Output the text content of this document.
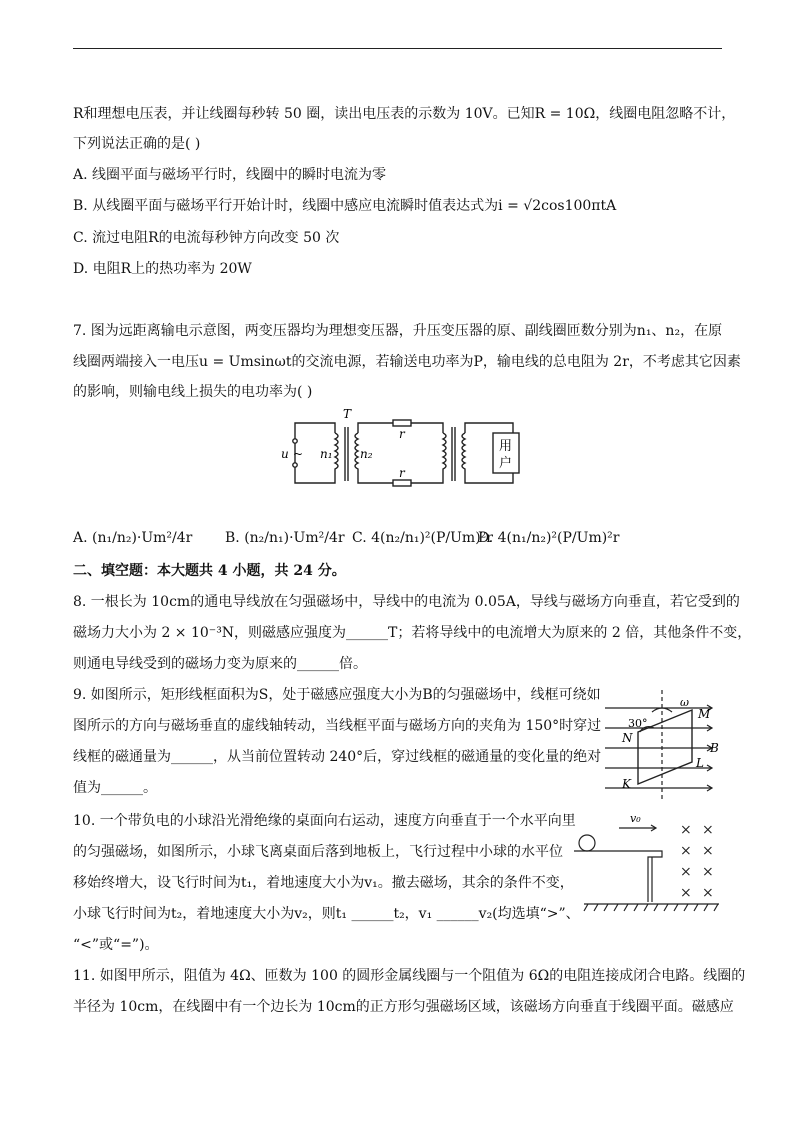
R和理想电压表，并让线圈每秒转 50 圈，读出电压表的示数为 10V。已知R = 10Ω，线圈电阻忽略不计，
下列说法正确的是( )
A. 线圈平面与磁场平行时，线圈中的瞬时电流为零
B. 从线圈平面与磁场平行开始计时，线圈中感应电流瞬时值表达式为i = √2cos100πtA
C. 流过电阻R的电流每秒钟方向改变 50 次
D. 电阻R上的热功率为 20W
7. 图为远距离输电示意图，两变压器均为理想变压器，升压变压器的原、副线圈匝数分别为n₁、n₂，在原
线圈两端接入一电压u = Umsinωt的交流电源，若输送电功率为P，输电线的总电阻为 2r，不考虑其它因素
的影响，则输电线上损失的电功率为( )
T
u ~ n₁ n₂
r
r
用
户
A. (n₁/n₂)·Um²/4r B. (n₂/n₁)·Um²/4r C. 4(n₂/n₁)²(P/Um)²r
D. 4(n₁/n₂)²(P/Um)²r
二、填空题：本大题共 4 小题，共 24 分。
8. 一根长为 10cm的通电导线放在匀强磁场中，导线中的电流为 0.05A，导线与磁场方向垂直，若它受到的
磁场力大小为 2 × 10⁻³N，则磁感应强度为______T；若将导线中的电流增大为原来的 2 倍，其他条件不变，
则通电导线受到的磁场力变为原来的______倍。
9. 如图所示，矩形线框面积为S，处于磁感应强度大小为B的匀强磁场中，线框可绕如
图所示的方向与磁场垂直的虚线轴转动，当线框平面与磁场方向的夹角为 150°时穿过
线框的磁通量为______，从当前位置转动 240°后，穿过线框的磁通量的变化量的绝对
值为______。
ω
30°
M
N
B
L
K
10. 一个带负电的小球沿光滑绝缘的桌面向右运动，速度方向垂直于一个水平向里
的匀强磁场，如图所示，小球飞离桌面后落到地板上，飞行过程中小球的水平位
移始终增大，设飞行时间为t₁，着地速度大小为v₁。撤去磁场，其余的条件不变，
小球飞行时间为t₂，着地速度大小为v₂，则t₁ ______t₂，v₁ ______v₂(均选填“>”、
“<”或“=”)。
v₀
× ×
× ×
× ×
× ×
11. 如图甲所示，阻值为 4Ω、匝数为 100 的圆形金属线圈与一个阻值为 6Ω的电阻连接成闭合电路。线圈的
半径为 10cm，在线圈中有一个边长为 10cm的正方形匀强磁场区域，该磁场方向垂直于线圈平面。磁感应
